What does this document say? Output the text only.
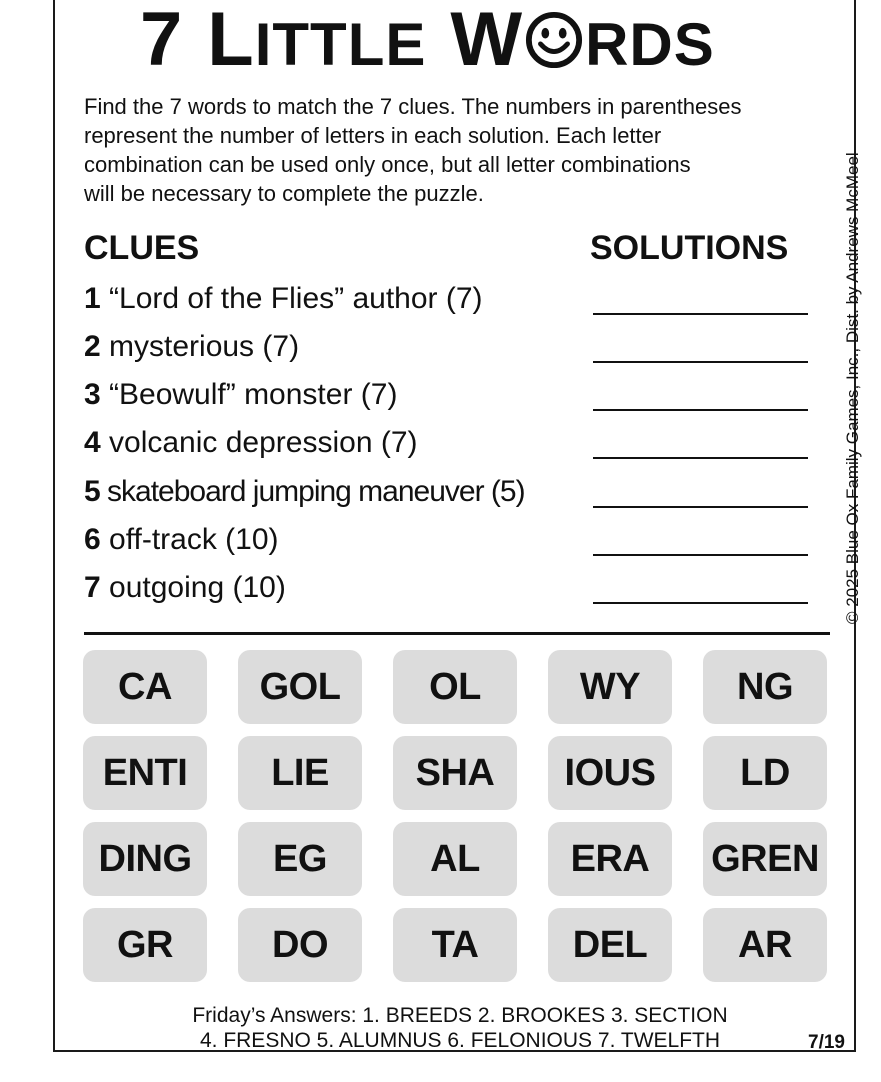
7 L ITTLE W RDS
Find the 7 words to match the 7 clues. The numbers in parentheses
represent the number of letters in each solution. Each letter
combination can be used only once, but all letter combinations
will be necessary to complete the puzzle.	© 2025 Blue Ox Family Games, Inc., Dist. by Andrews McMeel
CLUES	SOLUTIONS
1 “Lord of the Flies” author (7)
2 mysterious (7)
3 “Beowulf” monster (7)
4 volcanic depression (7)
5 skateboard jumping maneuver (5)
6 off-track (10)
7 outgoing (10)
CA	GOL	OL	WY	NG
ENTI	LIE	SHA	IOUS	LD
DING	EG	AL	ERA	GREN
GR	DO	TA	DEL	AR
Friday’s Answers: 1. BREEDS 2. BROOKES 3. SECTION
4. FRESNO 5. ALUMNUS 6. FELONIOUS 7. TWELFTH	7/19
